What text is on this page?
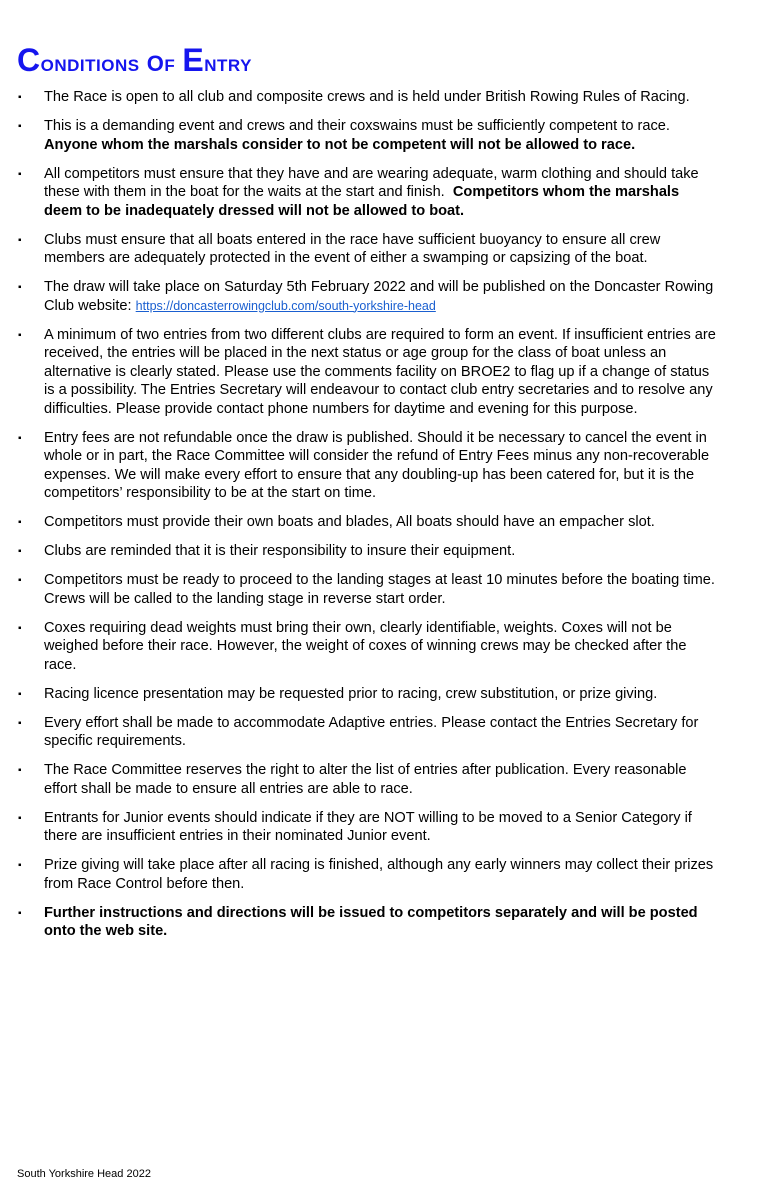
Conditions of Entry
▪ The Race is open to all club and composite crews and is held under British Rowing Rules of Racing.
▪ This is a demanding event and crews and their coxswains must be sufficiently competent to race. Anyone whom the marshals consider to not be competent will not be allowed to race.
▪ All competitors must ensure that they have and are wearing adequate, warm clothing and should take these with them in the boat for the waits at the start and finish. Competitors whom the marshals deem to be inadequately dressed will not be allowed to boat.
▪ Clubs must ensure that all boats entered in the race have sufficient buoyancy to ensure all crew members are adequately protected in the event of either a swamping or capsizing of the boat.
▪ The draw will take place on Saturday 5th February 2022 and will be published on the Doncaster Rowing Club website: https://doncasterrowingclub.com/south-yorkshire-head
▪ A minimum of two entries from two different clubs are required to form an event. If insufficient entries are received, the entries will be placed in the next status or age group for the class of boat unless an alternative is clearly stated. Please use the comments facility on BROE2 to flag up if a change of status is a possibility. The Entries Secretary will endeavour to contact club entry secretaries and to resolve any difficulties. Please provide contact phone numbers for daytime and evening for this purpose.
▪ Entry fees are not refundable once the draw is published. Should it be necessary to cancel the event in whole or in part, the Race Committee will consider the refund of Entry Fees minus any non-recoverable expenses. We will make every effort to ensure that any doubling-up has been catered for, but it is the competitors’ responsibility to be at the start on time.
▪ Competitors must provide their own boats and blades, All boats should have an empacher slot.
▪ Clubs are reminded that it is their responsibility to insure their equipment.
▪ Competitors must be ready to proceed to the landing stages at least 10 minutes before the boating time. Crews will be called to the landing stage in reverse start order.
▪ Coxes requiring dead weights must bring their own, clearly identifiable, weights. Coxes will not be weighed before their race. However, the weight of coxes of winning crews may be checked after the race.
▪ Racing licence presentation may be requested prior to racing, crew substitution, or prize giving.
▪ Every effort shall be made to accommodate Adaptive entries. Please contact the Entries Secretary for specific requirements.
▪ The Race Committee reserves the right to alter the list of entries after publication. Every reasonable effort shall be made to ensure all entries are able to race.
▪ Entrants for Junior events should indicate if they are NOT willing to be moved to a Senior Category if there are insufficient entries in their nominated Junior event.
▪ Prize giving will take place after all racing is finished, although any early winners may collect their prizes from Race Control before then.
▪ Further instructions and directions will be issued to competitors separately and will be posted onto the web site.
South Yorkshire Head 2022
